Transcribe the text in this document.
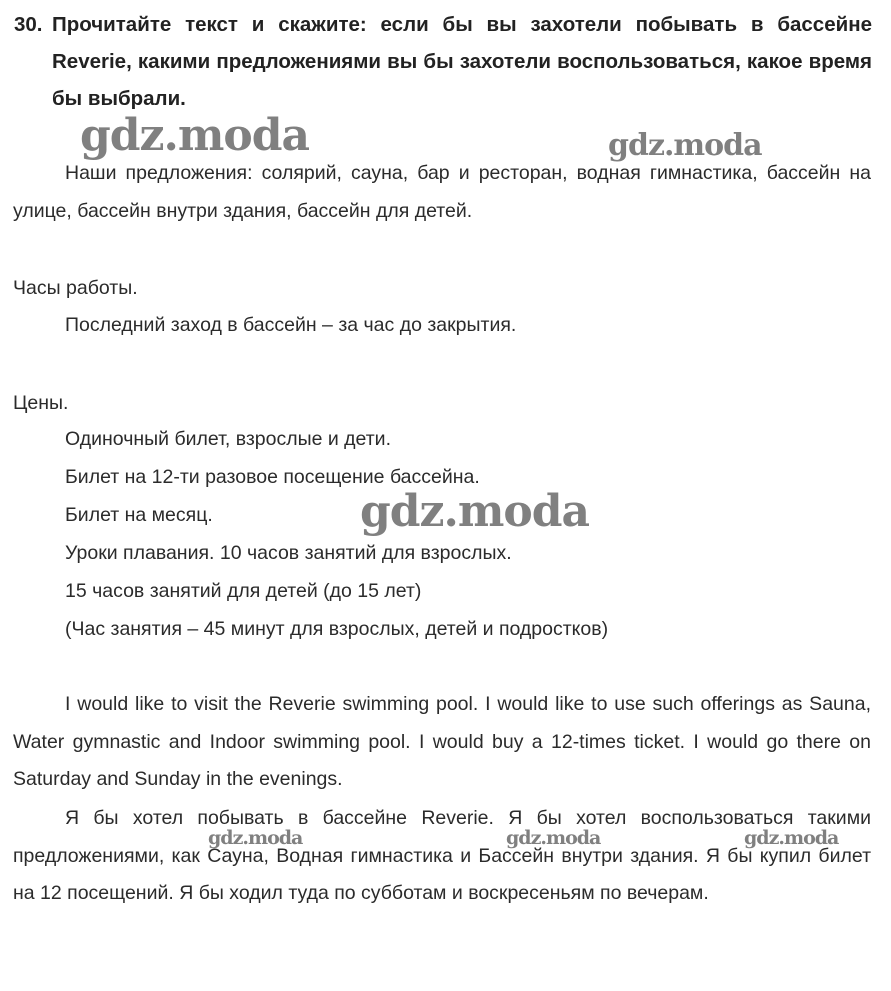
30. Прочитайте текст и скажите: если бы вы захотели побывать в бассейне Reverie, какими предложениями вы бы захотели воспользоваться, какое время бы выбрали.
Наши предложения: солярий, сауна, бар и ресторан, водная гимнастика, бассейн на улице, бассейн внутри здания, бассейн для детей.
Часы работы.
Последний заход в бассейн – за час до закрытия.
Цены.
Одиночный билет, взрослые и дети.
Билет на 12-ти разовое посещение бассейна.
Билет на месяц.
Уроки плавания. 10 часов занятий для взрослых.
15 часов занятий для детей (до 15 лет)
(Час занятия – 45 минут для взрослых, детей и подростков)
I would like to visit the Reverie swimming pool. I would like to use such offerings as Sauna, Water gymnastic and Indoor swimming pool. I would buy a 12-times ticket. I would go there on Saturday and Sunday in the evenings.
Я бы хотел побывать в бассейне Reverie. Я бы хотел воспользоваться такими предложениями, как Сауна, Водная гимнастика и Бассейн внутри здания. Я бы купил билет на 12 посещений. Я бы ходил туда по субботам и воскресеньям по вечерам.
gdz.moda	gdz.moda
gdz.moda
gdz.moda	gdz.moda	gdz.moda
